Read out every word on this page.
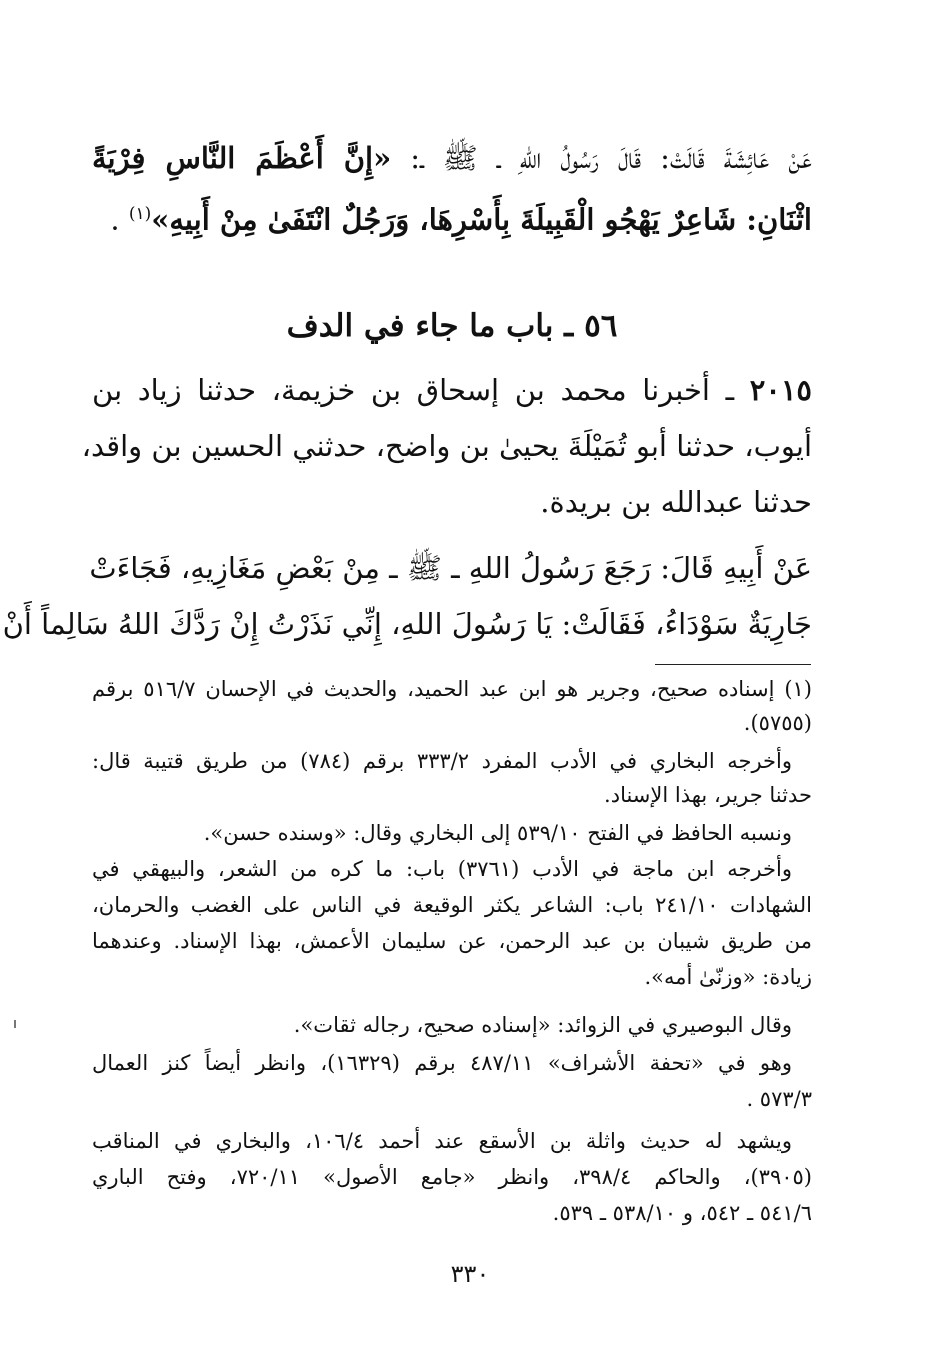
عَنْ عَائِشَةَ قَالَتْ: قَالَ رَسُولُ اللهِ ـ ﷺ ـ: «إِنَّ أَعْظَمَ النَّاسِ فِرْيَةً
اثْنَانِ: شَاعِرٌ يَهْجُو الْقَبِيلَةَ بِأَسْرِهَا، وَرَجُلٌ انْتَفَىٰ مِنْ أَبِيهِ»$^{(١)}$ .
٥٦ ـ باب ما جاء في الدف
٢٠١٥ ـ أخبرنا محمد بن إسحاق بن خزيمة، حدثنا زياد بن
أيوب، حدثنا أبو تُمَيْلَةَ يحيىٰ بن واضح، حدثني الحسين بن واقد،
حدثنا عبدالله بن بريدة.
عَنْ أَبِيهِ قَالَ: رَجَعَ رَسُولُ اللهِ ـ ﷺ ـ مِنْ بَعْضِ مَغَازِيهِ، فَجَاءَتْ
جَارِيَةٌ سَوْدَاءُ، فَقَالَتْ: يَا رَسُولَ اللهِ، إِنِّي نَذَرْتُ إِنْ رَدَّكَ اللهُ سَالِماً أَنْ
(١) إسناده صحيح، وجرير هو ابن عبد الحميد، والحديث في الإحسان ٥١٦/٧ برقم
(٥٧٥٥).
وأخرجه البخاري في الأدب المفرد ٣٣٣/٢ برقم (٧٨٤) من طريق قتيبة قال:
حدثنا جرير، بهذا الإسناد.
ونسبه الحافظ في الفتح ٥٣٩/١٠ إلى البخاري وقال: «وسنده حسن».
وأخرجه ابن ماجة في الأدب (٣٧٦١) باب: ما كره من الشعر، والبيهقي في
الشهادات ٢٤١/١٠ باب: الشاعر يكثر الوقيعة في الناس على الغضب والحرمان،
من طريق شيبان بن عبد الرحمن، عن سليمان الأعمش، بهذا الإسناد. وعندهما
زيادة: «وزنّىٰ أمه».
وقال البوصيري في الزوائد: «إسناده صحيح، رجاله ثقات».
وهو في «تحفة الأشراف» ٤٨٧/١١ برقم (١٦٣٢٩)، وانظر أيضاً كنز العمال
٥٧٣/٣ .
ويشهد له حديث واثلة بن الأسقع عند أحمد ١٠٦/٤، والبخاري في المناقب
(٣٩٠٥)، والحاكم ٣٩٨/٤، وانظر «جامع الأصول» ٧٢٠/١١، وفتح الباري
٥٤١/٦ ـ ٥٤٢، و ٥٣٨/١٠ ـ ٥٣٩.
٣٣٠
